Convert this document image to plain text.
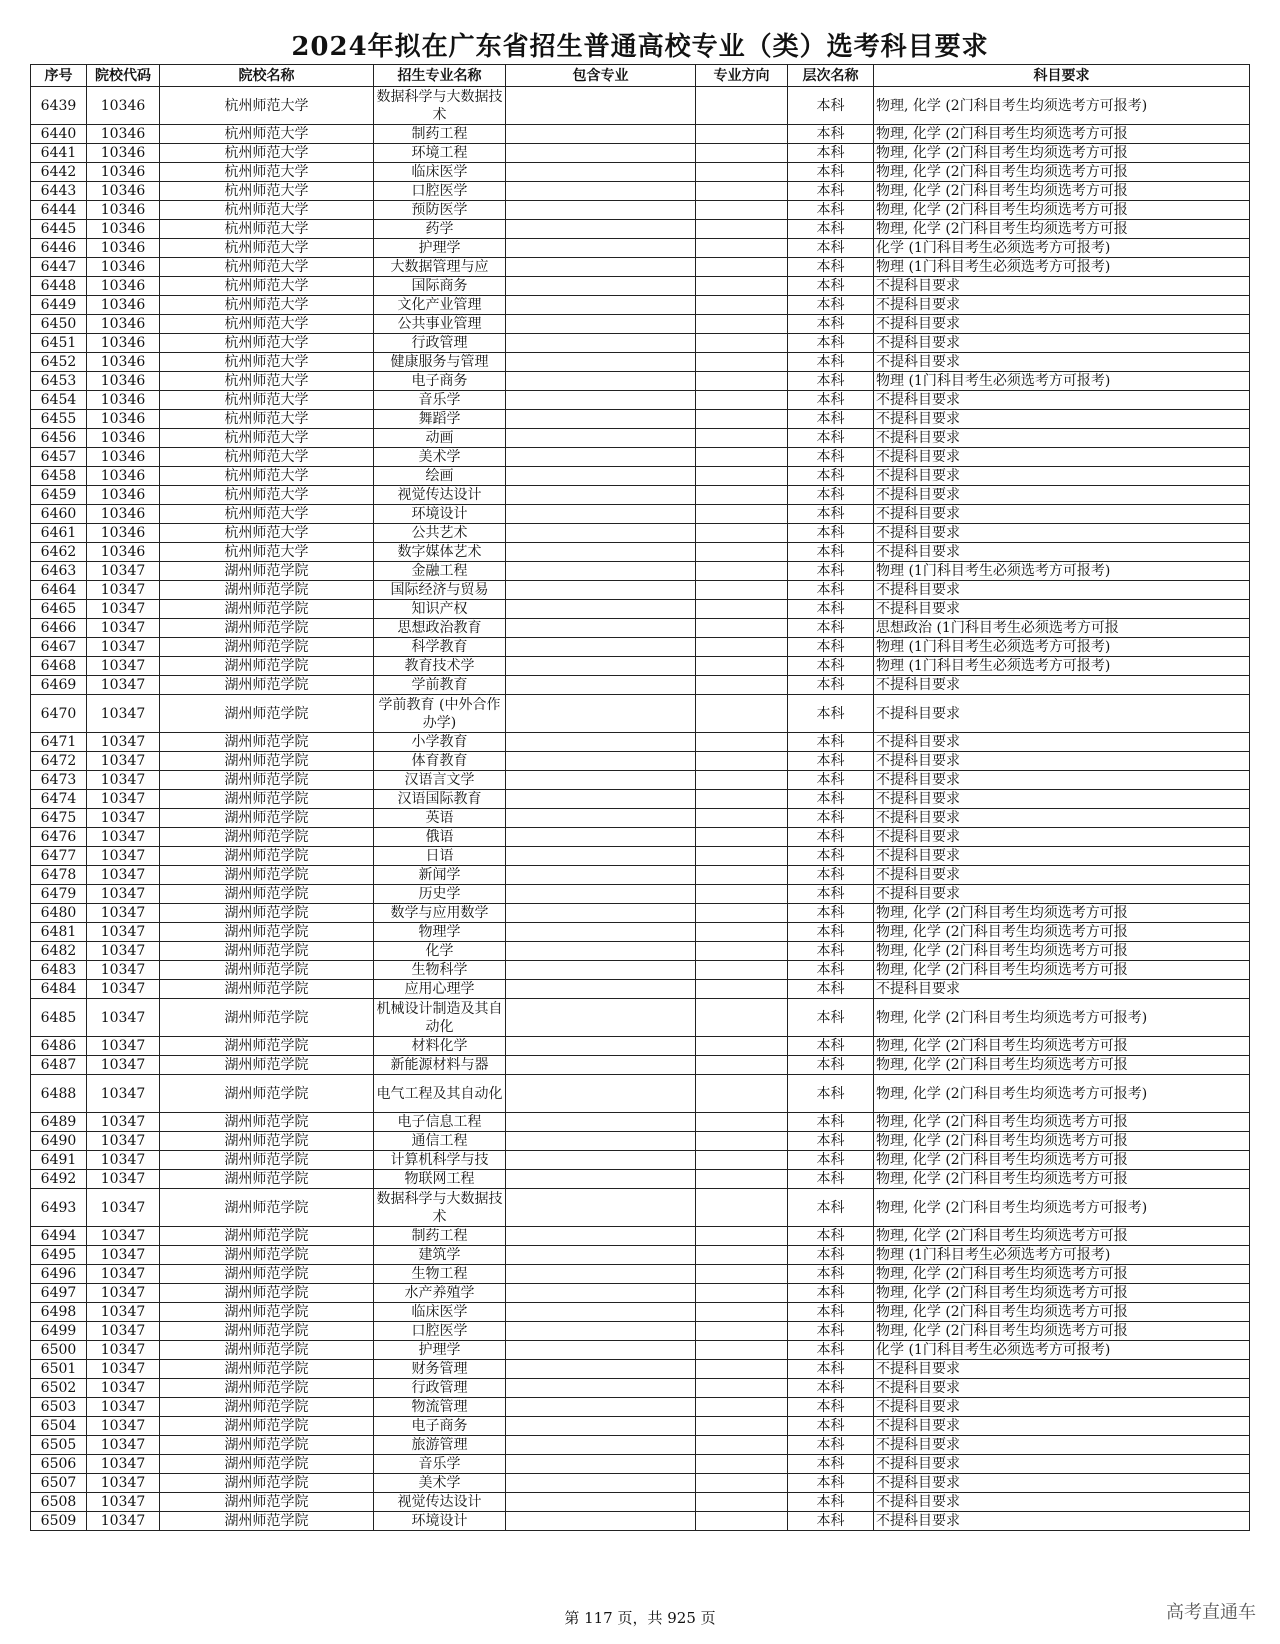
2024年拟在广东省招生普通高校专业（类）选考科目要求
序号	院校代码	院校名称	招生专业名称	包含专业	专业方向	层次名称	科目要求
6439	10346	杭州师范大学	数据科学与大数据技术			本科	物理, 化学 (2门科目考生均须选考方可报考)
6440	10346	杭州师范大学	制药工程			本科	物理, 化学 (2门科目考生均须选考方可报
6441	10346	杭州师范大学	环境工程			本科	物理, 化学 (2门科目考生均须选考方可报
6442	10346	杭州师范大学	临床医学			本科	物理, 化学 (2门科目考生均须选考方可报
6443	10346	杭州师范大学	口腔医学			本科	物理, 化学 (2门科目考生均须选考方可报
6444	10346	杭州师范大学	预防医学			本科	物理, 化学 (2门科目考生均须选考方可报
6445	10346	杭州师范大学	药学			本科	物理, 化学 (2门科目考生均须选考方可报
6446	10346	杭州师范大学	护理学			本科	化学 (1门科目考生必须选考方可报考)
6447	10346	杭州师范大学	大数据管理与应			本科	物理 (1门科目考生必须选考方可报考)
6448	10346	杭州师范大学	国际商务			本科	不提科目要求
6449	10346	杭州师范大学	文化产业管理			本科	不提科目要求
6450	10346	杭州师范大学	公共事业管理			本科	不提科目要求
6451	10346	杭州师范大学	行政管理			本科	不提科目要求
6452	10346	杭州师范大学	健康服务与管理			本科	不提科目要求
6453	10346	杭州师范大学	电子商务			本科	物理 (1门科目考生必须选考方可报考)
6454	10346	杭州师范大学	音乐学			本科	不提科目要求
6455	10346	杭州师范大学	舞蹈学			本科	不提科目要求
6456	10346	杭州师范大学	动画			本科	不提科目要求
6457	10346	杭州师范大学	美术学			本科	不提科目要求
6458	10346	杭州师范大学	绘画			本科	不提科目要求
6459	10346	杭州师范大学	视觉传达设计			本科	不提科目要求
6460	10346	杭州师范大学	环境设计			本科	不提科目要求
6461	10346	杭州师范大学	公共艺术			本科	不提科目要求
6462	10346	杭州师范大学	数字媒体艺术			本科	不提科目要求
6463	10347	湖州师范学院	金融工程			本科	物理 (1门科目考生必须选考方可报考)
6464	10347	湖州师范学院	国际经济与贸易			本科	不提科目要求
6465	10347	湖州师范学院	知识产权			本科	不提科目要求
6466	10347	湖州师范学院	思想政治教育			本科	思想政治 (1门科目考生必须选考方可报
6467	10347	湖州师范学院	科学教育			本科	物理 (1门科目考生必须选考方可报考)
6468	10347	湖州师范学院	教育技术学			本科	物理 (1门科目考生必须选考方可报考)
6469	10347	湖州师范学院	学前教育			本科	不提科目要求
6470	10347	湖州师范学院	学前教育 (中外合作办学)			本科	不提科目要求
6471	10347	湖州师范学院	小学教育			本科	不提科目要求
6472	10347	湖州师范学院	体育教育			本科	不提科目要求
6473	10347	湖州师范学院	汉语言文学			本科	不提科目要求
6474	10347	湖州师范学院	汉语国际教育			本科	不提科目要求
6475	10347	湖州师范学院	英语			本科	不提科目要求
6476	10347	湖州师范学院	俄语			本科	不提科目要求
6477	10347	湖州师范学院	日语			本科	不提科目要求
6478	10347	湖州师范学院	新闻学			本科	不提科目要求
6479	10347	湖州师范学院	历史学			本科	不提科目要求
6480	10347	湖州师范学院	数学与应用数学			本科	物理, 化学 (2门科目考生均须选考方可报
6481	10347	湖州师范学院	物理学			本科	物理, 化学 (2门科目考生均须选考方可报
6482	10347	湖州师范学院	化学			本科	物理, 化学 (2门科目考生均须选考方可报
6483	10347	湖州师范学院	生物科学			本科	物理, 化学 (2门科目考生均须选考方可报
6484	10347	湖州师范学院	应用心理学			本科	不提科目要求
6485	10347	湖州师范学院	机械设计制造及其自动化			本科	物理, 化学 (2门科目考生均须选考方可报考)
6486	10347	湖州师范学院	材料化学			本科	物理, 化学 (2门科目考生均须选考方可报
6487	10347	湖州师范学院	新能源材料与器			本科	物理, 化学 (2门科目考生均须选考方可报
6488	10347	湖州师范学院	电气工程及其自动化			本科	物理, 化学 (2门科目考生均须选考方可报考)
6489	10347	湖州师范学院	电子信息工程			本科	物理, 化学 (2门科目考生均须选考方可报
6490	10347	湖州师范学院	通信工程			本科	物理, 化学 (2门科目考生均须选考方可报
6491	10347	湖州师范学院	计算机科学与技			本科	物理, 化学 (2门科目考生均须选考方可报
6492	10347	湖州师范学院	物联网工程			本科	物理, 化学 (2门科目考生均须选考方可报
6493	10347	湖州师范学院	数据科学与大数据技术			本科	物理, 化学 (2门科目考生均须选考方可报考)
6494	10347	湖州师范学院	制药工程			本科	物理, 化学 (2门科目考生均须选考方可报
6495	10347	湖州师范学院	建筑学			本科	物理 (1门科目考生必须选考方可报考)
6496	10347	湖州师范学院	生物工程			本科	物理, 化学 (2门科目考生均须选考方可报
6497	10347	湖州师范学院	水产养殖学			本科	物理, 化学 (2门科目考生均须选考方可报
6498	10347	湖州师范学院	临床医学			本科	物理, 化学 (2门科目考生均须选考方可报
6499	10347	湖州师范学院	口腔医学			本科	物理, 化学 (2门科目考生均须选考方可报
6500	10347	湖州师范学院	护理学			本科	化学 (1门科目考生必须选考方可报考)
6501	10347	湖州师范学院	财务管理			本科	不提科目要求
6502	10347	湖州师范学院	行政管理			本科	不提科目要求
6503	10347	湖州师范学院	物流管理			本科	不提科目要求
6504	10347	湖州师范学院	电子商务			本科	不提科目要求
6505	10347	湖州师范学院	旅游管理			本科	不提科目要求
6506	10347	湖州师范学院	音乐学			本科	不提科目要求
6507	10347	湖州师范学院	美术学			本科	不提科目要求
6508	10347	湖州师范学院	视觉传达设计			本科	不提科目要求
6509	10347	湖州师范学院	环境设计			本科	不提科目要求
第 117 页，共 925 页	高考直通车
